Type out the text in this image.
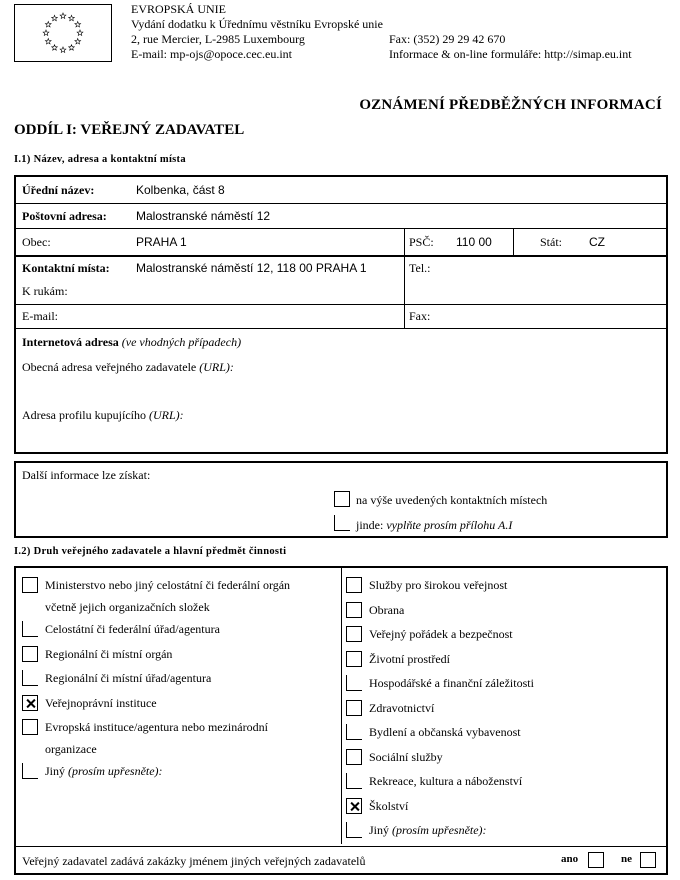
EVROPSKÁ UNIE
Vydání dodatku k Úřednímu věstníku Evropské unie
2, rue Mercier, L-2985 Luxembourg	Fax: (352) 29 29 42 670
E-mail: mp-ojs@opoce.cec.eu.int	Informace & on-line formuláře: http://simap.eu.int
OZNÁMENÍ PŘEDBĚŽNÝCH INFORMACÍ
ODDÍL I: VEŘEJNÝ ZADAVATEL
I.1) Název, adresa a kontaktní místa
Úřední název:	Kolbenka, část 8
Poštovní adresa: Malostranské náměstí 12
Obec:	PRAHA 1	PSČ: 110 00	Stát: CZ
Kontaktní místa: Malostranské náměstí 12, 118 00 PRAHA 1	Tel.:
K rukám:
E-mail:	Fax:
Internetová adresa (ve vhodných případech)
Obecná adresa veřejného zadavatele (URL):
Adresa profilu kupujícího (URL):
Další informace lze získat:
na výše uvedených kontaktních místech
jinde: vyplňte prosím přílohu A.I
I.2) Druh veřejného zadavatele a hlavní předmět činnosti
Ministerstvo nebo jiný celostátní či federální orgán
včetně jejich organizačních složek
Celostátní či federální úřad/agentura
Regionální či místní orgán
Regionální či místní úřad/agentura
Veřejnoprávní instituce
Evropská instituce/agentura nebo mezinárodní
organizace
Jiný (prosím upřesněte):
Služby pro širokou veřejnost
Obrana
Veřejný pořádek a bezpečnost
Životní prostředí
Hospodářské a finanční záležitosti
Zdravotnictví
Bydlení a občanská vybavenost
Sociální služby
Rekreace, kultura a náboženství
Školství
Jiný (prosím upřesněte):
Veřejný zadavatel zadává zakázky jménem jiných veřejných zadavatelů	ano	ne
